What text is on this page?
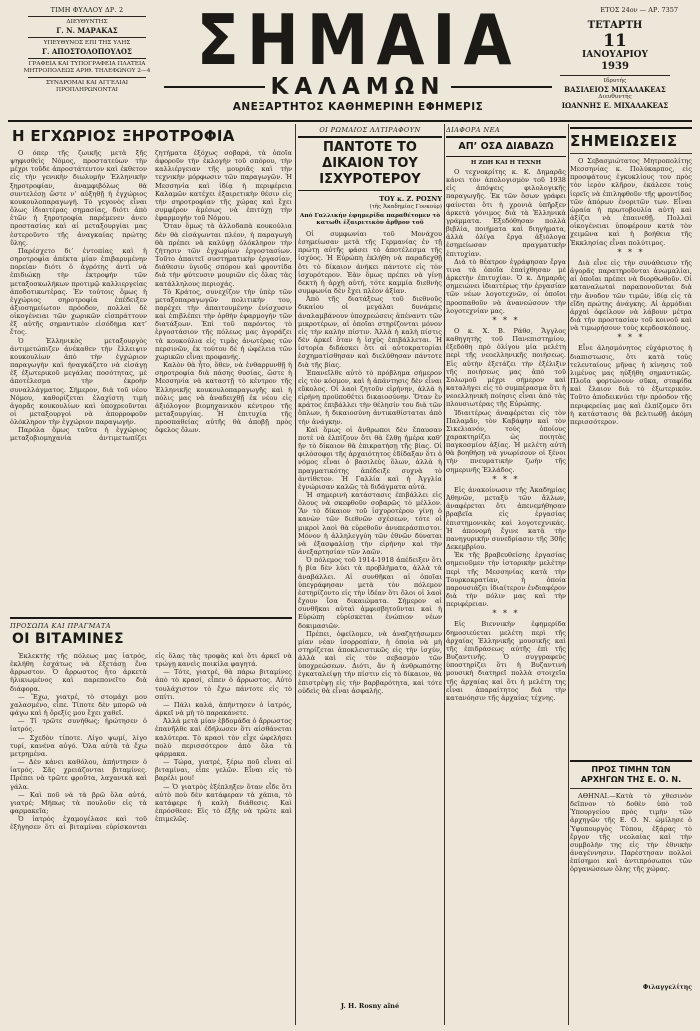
ΤΙΜΗ ΦΥΛΛΟΥ ΔΡ. 2
ΔΙΕΥΘΥΝΤΗΣ
Γ. Ν. ΜΑΡΑΚΑΣ
ΥΠΕΥΘΥΝΟΣ ΕΠΙ ΤΗΣ ΥΛΗΣ
Γ. ΑΠΟΣΤΟΛΟΠΟΥΛΟΣ
ΓΡΑΦΕΙΑ ΚΑΙ ΤΥΠΟΓΡΑΦΕΙΑ ΠΛΑΤΕΙΑ ΜΗΤΡΟΠΟΛΕΩΣ ΑΡΙΘ. ΤΗΛΕΦΩΝΟΥ 2—4
ΣΥΝΔΡΟΜΑΙ ΚΑΙ ΑΓΓΕΛΙΑΙ ΠΡΟΠΛΗΡΩΝΟΝΤΑΙ
ΣΗΜΑΙΑ
ΚΑΛΑΜΩΝ
ΑΝΕΞΑΡΤΗΤΟΣ ΚΑΘΗΜΕΡΙΝΗ ΕΦΗΜΕΡΙΣ
ΕΤΟΣ 24ον — ΑΡ. 7357
ΤΕΤΑΡΤΗ
11
ΙΑΝΟΥΑΡΙΟΥ
1939
Ιδρυτής
ΒΑΣΙΛΕΙΟΣ ΜΙΧΑΛΑΚΕΑΣ
Διευθυντής
ΙΩΑΝΝΗΣ Ε. ΜΙΧΑΛΑΚΕΑΣ
Η ΕΓΧΩΡΙΟΣ ΞΗΡΟΤΡΟΦΙΑ

Ο όπερ τῆς ζωικῆς μετὰ ξῆς ψηφισθεὶς Νόμος, προστατεύων τὴν μέχρι τοῦδε ἀπροστάτευτον καὶ ἐκθετον εἰς τὴν γενικὴν διωλυμὴν Ἑλληνικὴν ξηροτροφίαν, ἀναμφιβόλως θὰ συντελέσῃ ὥστε ν’ αὐξηθῇ ἡ ἐγχώριος κουκουλοπαραγωγή. Τὸ γεγονὸς εἶναι ὅλως ἰδιαιτέρας σημασίας, διότι ἀπὸ ἐτῶν ἡ ξηροτροφία παρέμενεν ἀνευ προστασίας καὶ αἱ μεταξουργίαι μας ἐστεροῦντο τῆς ἀναγκαίας πρώτης ὕλης.

Παρέσχετο δι’ ἐντοπίας καὶ ἡ σηροτροφία ἀπέκτα μίαν ἐπιβαρυμένην πορείαν διότι ὁ ἀγρότης ἀντὶ νὰ ἐπιδιώκῃ τὴν ἐκτροφήν τῶν μεταξοσκωλήκων προτιμῷ καλλιεργείας ἀποδοτικωτέρας. Ἐν τούτοις ὅμως ἡ ἐγχώριος σηροτροφία ἐπέδειξεν ἀξιοσημείωτον πρόοδον, πολλαὶ δὲ οἰκογένειαι τῶν χωρικῶν εἰσπράττουν ἐξ αὐτῆς σημαντικὸν εἰσόδημα κατ’ ἔτος.

Ὁ Ἑλληνικὸς μεταξουργὸς ἀντιμετώπιζεν ἀνέκαθεν τὴν ἔλλειψιν κουκουλίων ἀπὸ τὴν ἐγχώριον παραγωγὴν καὶ ἠναγκάζετο νὰ εἰσάγῃ ἐξ ἐξωτερικοῦ μεγάλας ποσότητας, μὲ ἀποτέλεσμα τὴν ἐκροὴν συναλλάγματος. Σήμερον, διὰ τοῦ νέου Νόμου, καθορίζεται ἐλαχίστη τιμὴ ἀγορᾶς κουκουλίων καὶ ὑποχρεοῦνται οἱ μεταξουργοὶ νὰ ἀπορροφοῦν ὁλόκληρον τὴν ἐγχώριον παραγωγήν.

Παρόλα ὅμως ταῦτα ἡ ἐγχώριος μεταξοβιομηχανία ἀντιμετωπίζει ζητήματα ἐξόχως σοβαρά, τὰ ὁποῖα ἀφοροῦν τὴν ἐκλογὴν τοῦ σπόρου, τὴν καλλιέργειαν τῆς μουριᾶς καὶ τὴν τεχνικὴν μόρφωσιν τῶν παραγωγῶν. Ἡ Μεσσηνία καὶ ἰδίᾳ ἡ περιφέρεια Καλαμῶν κατέχει ἐξαιρετικὴν θέσιν εἰς τὴν σηροτροφίαν τῆς χώρας καὶ ἔχει συμφέρον ἀμέσως νὰ ἐπιτύχῃ τὴν ἐφαρμογὴν τοῦ Νόμου.

Ὅταν ὅμως τὰ ἀλλοδαπὰ κουκούλια δὲν θὰ εἰσάγωνται πλέον, ἡ παραγωγὴ θὰ πρέπει νὰ καλύψῃ ὁλόκληρον τὴν ζήτησιν τῶν ἐγχωρίων ἐργοστασίων. Τοῦτο ἀπαιτεῖ συστηματικὴν ἐργασίαν, διάθεσιν ὑγιοῦς σπόρου καὶ φροντίδα διὰ τὴν φύτευσιν μουριῶν εἰς ὅλας τὰς κατάλληλους περιοχάς.

Τὸ Κράτος, συνεχίζον τὴν ὑπὲρ τῶν μεταξοπαραγωγῶν πολιτικήν του, παρέχει τὴν ἀπαιτουμένην ἐνίσχυσιν καὶ ἐπιβλέπει τὴν ὀρθὴν ἐφαρμογὴν τῶν διατάξεων. Ἐπὶ τοῦ παρόντος τὸ ἐργοστάσιον τῆς πόλεως μας ἀγοράζει τὰ κουκούλια εἰς τιμὰς ἀνωτέρας τῶν περσινῶν, ἐκ τούτου δὲ ἡ ὠφέλεια τῶν χωρικῶν εἶναι προφανής.

Καλὸν θὰ ἦτο, ὅθεν, νὰ ἐνθαρρυνθῇ ἡ σηροτροφία διὰ πάσης θυσίας, ὥστε ἡ Μεσσηνία νὰ καταστῇ τὸ κέντρον τῆς Ἑλληνικῆς κουκουλοπαραγωγῆς καὶ ἡ πόλις μας νὰ ἀναδειχθῇ ἐκ νέου εἰς ἀξιόλογον βιομηχανικὸν κέντρον τῆς μεταξουργίας. Ἡ ἐπιτυχία τῆς προσπαθείας αὐτῆς θὰ ἀποβῇ πρὸς ὄφελος ὅλων.

ΠΡΟΣΩΠΑ ΚΑΙ ΠΡΑΓΜΑΤΑ
ΟΙ ΒΙΤΑΜΙΝΕΣ

Ἐκλεκτὴς τῆς πόλεως μας ἰατρός, ἐκλήθη ἐσχάτως νὰ ἐξετάσῃ ἕνα ἄρρωστον. Ὁ ἄρρωστος ἦτο ἀρκετὰ ἡλικιωμένος καὶ παρεπονεῖτο διὰ διάφορα.

— Ἔχω, γιατρέ, τὸ στομάχι μου χαλασμένο, εἶπε. Τίποτε δὲν μπορῶ νὰ φάγω καὶ ἡ ὄρεξίς μου ἔχει χαθεῖ.

— Τί τρῶτε συνήθως; ἠρώτησεν ὁ ἰατρός.

— Σχεδὸν τίποτε. Λίγο ψωμί, λίγο τυρί, κανένα αὐγό. Ὅλα αὐτὰ τὰ ἔχω μετρημένα.

— Δὲν κάνει καθόλου, ἀπήντησεν ὁ ἰατρός. Σᾶς χρειάζονται βιταμίνες. Πρέπει νὰ τρῶτε φροῦτα, λαχανικὰ καὶ γάλα.

— Καὶ ποῦ νὰ τὰ βρῶ ὅλα αὐτά, γιατρέ; Μήπως τὰ πουλοῦν εἰς τὰ φαρμακεῖα;

Ὁ ἰατρὸς ἐχαμογέλασε καὶ τοῦ ἐξήγησεν ὅτι αἱ βιταμίναι εὑρίσκονται εἰς ὅλας τὰς τροφὰς καὶ ὅτι ἀρκεῖ νὰ τρώγῃ κανεὶς ποικίλα φαγητά.

— Τότε, γιατρέ, θὰ πάρω βιταμίνες ἀπὸ τὸ κρασί, εἶπεν ὁ ἄρρωστος. Αὐτὸ τουλάχιστον τὸ ἔχω πάντοτε εἰς τὸ σπίτι.

— Πάλι καλά, ἀπήντησεν ὁ ἰατρός, ἀρκεῖ νὰ μὴ τὸ παρακάνετε.

Ἀλλὰ μετὰ μίαν ἑβδομάδα ὁ ἄρρωστος ἐπανῆλθε καὶ ἐδήλωσεν ὅτι αἰσθάνεται καλύτερα. Τὸ κρασὶ τὸν εἶχε ὠφελήσει πολὺ περισσότερον ἀπὸ ὅλα τὰ φάρμακα.

— Τώρα, γιατρέ, ξέρω ποῦ εἶναι αἱ βιταμίναι, εἶπε γελῶν. Εἶναι εἰς τὸ βαρέλι μου!

— Ὁ γιατρὸς ἐξέπληξεν ὅταν εἶδε ὅτι αὐτὸ ποὺ δὲν κατάφεραν τὰ χάπια, τὸ κατάφερε ἡ καλὴ διάθεσις. Καὶ ἐπρόσθεσε: Εἰς τὸ ἑξῆς νὰ τρῶτε καὶ ἐπιμελῶς.

ΟΙ ΡΩΜΑΙΟΣ ΛΛΤΙΡΑΦΟΥΝ
ΠΑΝΤΟΤΕ ΤΟ ΔΙΚΑΙΟΝ ΤΟΥ ΙΣΧΥΡΟΤΕΡΟΥ
ΤΟΥ κ. Ζ. ΡΟΣΝΥ
(τῆς Ἀκαδημίας Γονκούρ)
Από Γαλλικήν ἐφημερίδα παραθέτομεν τὸ κατωθι ἐξαιρετικὸν ἄρθρον τοῦ

Οἱ συμφωνίαι τοῦ Μονάχου ἐσημείωσαν μετὰ τῆς Γερμανίας ἐν τῇ πρώτῃ αὐτῆς φάσει τὸ ἀποτέλεσμα τῆς ἰσχύος. Ἡ Εὐρώπη ἐκλήθη νὰ παραδεχθῇ ὅτι τὸ δίκαιον ἀνήκει πάντοτε εἰς τὸν ἰσχυρότερον. Ἐὰν ὅμως πρέπει νὰ γίνῃ δεκτὴ ἡ ἀρχὴ αὐτή, τότε καμμία διεθνὴς συμφωνία δὲν ἔχει πλέον ἀξίαν.

Ἀπὸ τῆς διατάξεως τοῦ διεθνοῦς δικαίου οἱ μεγάλαι δυνάμεις ἀναλαμβάνουν ὑποχρεώσεις ἀπέναντι τῶν μικροτέρων, αἱ ὁποῖαι στηρίζονται μόνον εἰς τὴν καλὴν πίστιν. Ἀλλὰ ἡ καλὴ πίστις δὲν ἀρκεῖ ὅταν ἡ ἰσχὺς ἐπιβάλλεται. Ἡ ἱστορία διδάσκει ὅτι αἱ αὐτοκρατορίαι ἐσχηματίσθησαν καὶ διελύθησαν πάντοτε διὰ τῆς βίας.

Ἐπανεῖλθε αὐτὸ τὸ πρόβλημα σήμερον εἰς τὸν κόσμον, καὶ ἡ ἀπάντησις δὲν εἶναι εὔκολος. Οἱ λαοὶ ζητοῦν εἰρήνην, ἀλλὰ ἡ εἰρήνη προϋποθέτει δικαιοσύνην. Ὅταν ἓν κράτος ἐπιβάλλει τὴν θέλησίν του διὰ τῶν ὅπλων, ἡ δικαιοσύνη ἀντικαθίσταται ἀπὸ τὴν ἀνάγκην.

Καὶ ὅμως οἱ ἄνθρωποι δὲν ἔπαυσαν ποτὲ νὰ ἐλπίζουν ὅτι θὰ ἔλθῃ ἡμέρα καθ’ ἣν τὸ δίκαιον θὰ ἐπικρατήσῃ τῆς βίας. Οἱ φιλόσοφοι τῆς ἀρχαιότητος ἐδίδαξαν ὅτι ὁ νόμος εἶναι ὁ βασιλεὺς ὅλων, ἀλλὰ ἡ πραγματικότης ἀπέδειξε συχνὰ τὸ ἀντίθετον. Ἡ Γαλλία καὶ ἡ Ἀγγλία ἐγνώρισαν καλῶς τὰ διδάγματα αὐτά.

Ἡ σημερινὴ κατάστασις ἐπιβάλλει εἰς ὅλους νὰ σκεφθοῦν σοβαρῶς τὸ μέλλον. Ἂν τὸ δίκαιον τοῦ ἰσχυροτέρου γίνῃ ὁ κανὼν τῶν διεθνῶν σχέσεων, τότε οἱ μικροὶ λαοὶ θὰ εὑρεθοῦν ἀνυπεράσπιστοι. Μόνον ἡ ἀλληλεγγύη τῶν ἐθνῶν δύναται νὰ ἐξασφαλίσῃ τὴν εἰρήνην καὶ τὴν ἀνεξαρτησίαν τῶν λαῶν.

Ὁ πόλεμος τοῦ 1914-1918 ἀπέδειξεν ὅτι ἡ βία δὲν λύει τὰ προβλήματα, ἀλλὰ τὰ ἀναβάλλει. Αἱ συνθῆκαι αἱ ὁποῖαι ὑπεγράφησαν μετὰ τὸν πόλεμον ἐστηρίζοντο εἰς τὴν ἰδέαν ὅτι ὅλοι οἱ λαοὶ ἔχουν ἴσα δικαιώματα. Σήμερον αἱ συνθῆκαι αὐταὶ ἀμφισβητοῦνται καὶ ἡ Εὐρώπη εὑρίσκεται ἐνώπιον νέων δοκιμασιῶν.

Πρέπει, ὀφείλομεν, νὰ ἀναζητήσωμεν μίαν νέαν ἰσορροπίαν, ἡ ὁποία νὰ μὴ στηρίζεται ἀποκλειστικῶς εἰς τὴν ἰσχύν, ἀλλὰ καὶ εἰς τὸν σεβασμὸν τῶν ὑποχρεώσεων. Διότι, ἂν ἡ ἀνθρωπότης ἐγκαταλείψῃ τὴν πίστιν εἰς τὸ δίκαιον, θὰ ἐπιστρέψῃ εἰς τὴν βαρβαρότητα, καὶ τότε οὐδεὶς θὰ εἶναι ἀσφαλής.

J. H. Rosny aîné
ΔΙΑΦΟΡΑ ΝΕΑ
ΑΠ’ ΟΣΑ ΔΙΑΒΑΖΩ
Η ΖΩΗ ΚΑΙ Η ΤΕΧΝΗ

Ο τεχνοκρίτης κ. Κ. Δημαρᾶς κάνει τὸν ἀπολογισμὸν τοῦ 1938 εἰς ἀπόψεις φιλολογικῆς παραγωγῆς. Ἐκ τῶν ὅσων γράφει φαίνεται ὅτι ἡ χρονιὰ ὑπῆρξεν ἀρκετὰ γόνιμος διὰ τὰ Ἑλληνικὰ γράμματα. Ἐξεδόθησαν πολλὰ βιβλία, ποιήματα καὶ διηγήματα, ἀλλὰ ὀλίγα ἔργα ἀξιόλογα ἐσημείωσαν πραγματικὴν ἐπιτυχίαν.

Διὰ τὸ θέατρον ἐγράφησαν ἔργα τινα τὰ ὁποῖα ἐπαίχθησαν μὲ ἀρκετὴν ἐπιτυχίαν. Ὁ κ. Δημαρᾶς σημειώνει ἰδιαιτέρως τὴν ἐργασίαν τῶν νέων λογοτεχνῶν, οἱ ὁποῖοι προσπαθοῦν νὰ ἀνανεώσουν τὴν λογοτεχνίαν μας.

* * *

Ο κ. Χ. Β. Ράθσ, Ἄγγλος καθηγητὴς τοῦ Πανεπιστημίου, ἐξεδόθη πρὸ ὀλίγου μία μελέτη περὶ τῆς νεοελληνικῆς ποιήσεως. Εἰς αὐτὴν ἐξετάζει τὴν ἐξέλιξιν τῆς ποιήσεως μας ἀπὸ τοῦ Σολωμοῦ μέχρι σήμερον καὶ καταλήγει εἰς τὸ συμπέρασμα ὅτι ἡ νεοελληνικὴ ποίησις εἶναι ἀπὸ τὰς πλουσιωτέρας τῆς Εὐρώπης.

Ἰδιαιτέρως ἀναφέρεται εἰς τὸν Παλαμᾶν, τὸν Καβάφην καὶ τὸν Σικελιανόν, τοὺς ὁποίους χαρακτηρίζει ὡς ποιητὰς παγκοσμίου ἀξίας. Ἡ μελέτη αὐτὴ θὰ βοηθήσῃ νὰ γνωρίσουν οἱ ξένοι τὴν πνευματικὴν ζωὴν τῆς σημερινῆς Ἑλλάδος.

* * *

Εἰς ἀνακοίνωσιν τῆς Ἀκαδημίας Ἀθηνῶν, μεταξὺ τῶν ἄλλων, ἀναφέρεται ὅτι ἀπενεμήθησαν βραβεῖα εἰς ἐργασίας ἐπιστημονικὰς καὶ λογοτεχνικάς. Ἡ ἀπονομὴ ἔγινε κατὰ τὴν πανηγυρικὴν συνεδρίασιν τῆς 30ῆς Δεκεμβρίου.

Ἐκ τῆς βραβευθείσης ἐργασίας σημειοῦμεν τὴν ἱστορικὴν μελέτην περὶ τῆς Μεσσηνίας κατὰ τὴν Τουρκοκρατίαν, ἡ ὁποία παρουσιάζει ἰδιαίτερον ἐνδιαφέρον διὰ τὴν πόλιν μας καὶ τὴν περιφέρειαν.

* * *

Εἰς Βιεννικὴν ἐφημερίδα δημοσιεύεται μελέτη περὶ τῆς ἀρχαίας Ἑλληνικῆς μουσικῆς καὶ τῆς ἐπιδράσεως αὐτῆς ἐπὶ τῆς Βυζαντινῆς. Ὁ συγγραφεὺς ὑποστηρίζει ὅτι ἡ Βυζαντινὴ μουσικὴ διατηρεῖ πολλὰ στοιχεῖα τῆς ἀρχαίας καὶ ὅτι ἡ μελέτη της εἶναι ἀπαραίτητος διὰ τὴν κατανόησιν τῆς ἀρχαίας τέχνης.

ΣΗΜΕΙΩΣΕΙΣ

Ο Σεβασμιώτατος Μητροπολίτης Μεσσηνίας κ. Πολύκαρπος, εἰς προσφάτους ἐγκυκλίους του πρὸς τὸν ἱερὸν κλῆρον, ἐκάλεσε τοὺς ἱερεῖς νὰ ἐπιληφθοῦν τῆς φροντίδος τῶν ἀπόρων ἐνοριτῶν των. Εἶναι ὡραία ἡ πρωτοβουλία αὐτὴ καὶ ἀξίζει νὰ ἐπαινεθῇ. Πολλαὶ οἰκογένειαι ὑποφέρουν κατὰ τὸν χειμῶνα καὶ ἡ βοήθεια τῆς Ἐκκλησίας εἶναι πολύτιμος.

* * *

Διὰ εἶνε εἰς τὴν συνάθεισιν τῆς ἀγορᾶς παρατηροῦνται ἀνωμαλίαι, αἱ ὁποῖαι πρέπει νὰ διορθωθοῦν. Οἱ καταναλωταὶ παραπονοῦνται διὰ τὴν ἄνοδον τῶν τιμῶν, ἰδίᾳ εἰς τὰ εἴδη πρώτης ἀνάγκης. Αἱ ἁρμόδιαι ἀρχαὶ ὀφείλουν νὰ λάβουν μέτρα διὰ τὴν προστασίαν τοῦ κοινοῦ καὶ νὰ τιμωρήσουν τοὺς κερδοσκόπους.

* * *

Εἶνε ἀλησμόνητος εὐχάριστος ἡ διαπιστωσις, ὅτι κατὰ τοὺς τελευταίους μῆνας ἡ κίνησις τοῦ λιμένος μας ηὐξήθη σημαντικῶς. Πλοῖα φορτώνουν σῦκα, σταφίδα καὶ ἔλαιον διὰ τὸ ἐξωτερικόν. Τοῦτο ἀποδεικνύει τὴν πρόοδον τῆς περιφερείας μας καὶ ἐλπίζομεν ὅτι ἡ κατάστασις θὰ βελτιωθῇ ἀκόμη περισσότερον.

ΠΡΟΣ ΤΙΜΗΝ ΤΩΝ ΑΡΧΗΓΩΝ ΤΗΣ Ε. Ο. Ν.

ΑΘΗΝΑΙ.—Κατὰ τὸ χθεσινὸν δεῖπνον τὸ δοθὲν ὑπὸ τοῦ Ὑπουργείου πρὸς τιμὴν τῶν ἀρχηγῶν τῆς Ε. Ο. Ν. ὡμίλησε ὁ Ὑφυπουργὸς Τύπου, ἐξάρας τὸ ἔργον τῆς νεολαίας καὶ τὴν συμβολὴν της εἰς τὴν ἐθνικὴν ἀναγέννησιν. Παρέστησαν πολλοὶ ἐπίσημοι καὶ ἀντιπρόσωποι τῶν ὀργανώσεων ὅλης τῆς χώρας.

Φιλαγγελίτης
